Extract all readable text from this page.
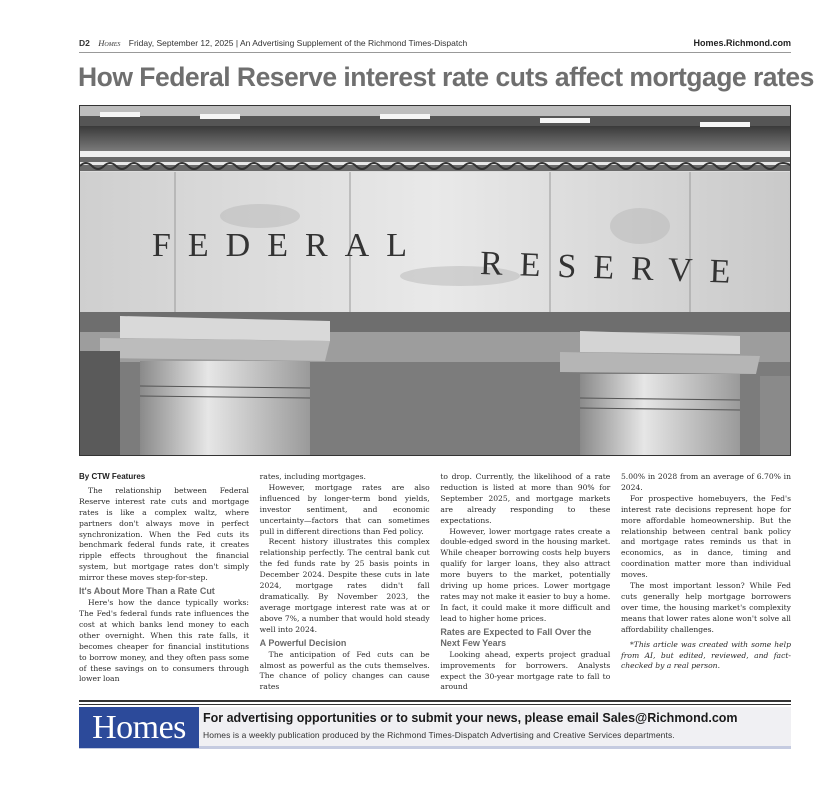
D2 Homes Friday, September 12, 2025 | An Advertising Supplement of the Richmond Times-Dispatch	Homes.Richmond.com
How Federal Reserve interest rate cuts affect mortgage rates
FEDERAL RESERVE
By CTW Features

The relationship between Federal Reserve interest rate cuts and mortgage rates is like a complex waltz, where partners don't always move in perfect synchronization. When the Fed cuts its benchmark federal funds rate, it creates ripple effects throughout the financial system, but mortgage rates don't simply mirror these moves step-for-step.

It's About More Than a Rate Cut

Here's how the dance typically works: The Fed's federal funds rate influences the cost at which banks lend money to each other overnight. When this rate falls, it becomes cheaper for financial institutions to borrow money, and they often pass some of these savings on to consumers through lower loan

rates, including mortgages.

However, mortgage rates are also influenced by longer-term bond yields, investor sentiment, and economic uncertainty—factors that can sometimes pull in different directions than Fed policy.

Recent history illustrates this complex relationship perfectly. The central bank cut the fed funds rate by 25 basis points in December 2024. Despite these cuts in late 2024, mortgage rates didn't fall dramatically. By November 2023, the average mortgage interest rate was at or above 7%, a number that would hold steady well into 2024.

A Powerful Decision

The anticipation of Fed cuts can be almost as powerful as the cuts themselves. The chance of policy changes can cause rates

to drop. Currently, the likelihood of a rate reduction is listed at more than 90% for September 2025, and mortgage markets are already responding to these expectations.

However, lower mortgage rates create a double-edged sword in the housing market. While cheaper borrowing costs help buyers qualify for larger loans, they also attract more buyers to the market, potentially driving up home prices. Lower mortgage rates may not make it easier to buy a home. In fact, it could make it more difficult and lead to higher home prices.

Rates are Expected to Fall Over the Next Few Years

Looking ahead, experts project gradual improvements for borrowers. Analysts expect the 30-year mortgage rate to fall to around

5.00% in 2028 from an average of 6.70% in 2024.

For prospective homebuyers, the Fed's interest rate decisions represent hope for more affordable homeownership. But the relationship between central bank policy and mortgage rates reminds us that in economics, as in dance, timing and coordination matter more than individual moves.

The most important lesson? While Fed cuts generally help mortgage borrowers over time, the housing market's complexity means that lower rates alone won't solve all affordability challenges.

*This article was created with some help from AI, but edited, reviewed, and fact-checked by a real person.

Homes	For advertising opportunities or to submit your news, please email Sales@Richmond.com
Homes is a weekly publication produced by the Richmond Times-Dispatch Advertising and Creative Services departments.
